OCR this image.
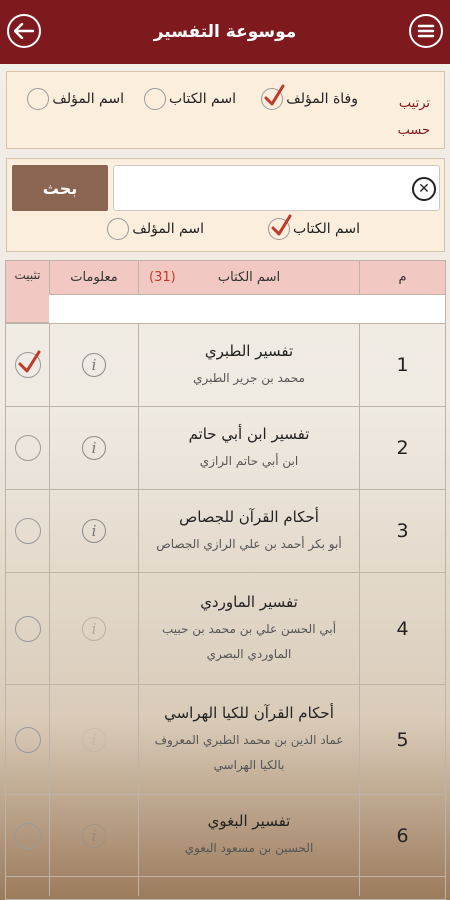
موسوعة التفسير
ترتيب حسب
وفاة المؤلف
اسم الكتاب
اسم المؤلف
بحث	✕
اسم الكتاب
اسم المؤلف
م
اسم الكتاب
(31)
معلومات
تثبيت
i
تفسير الطبري
محمد بن جرير الطبري
1
i
تفسير ابن أبي حاتم
ابن أبي حاتم الرازي
2
i
أحكام القرآن للجصاص
أبو بكر أحمد بن علي الرازي الجصاص
3
i
تفسير الماوردي
أبي الحسن علي بن محمد بن حبيب الماوردي البصري
4
i
أحكام القرآن للكيا الهراسي
عماد الدين بن محمد الطبري المعروف بالكيا الهراسي
5
i
تفسير البغوي
الحسين بن مسعود البغوي
6
